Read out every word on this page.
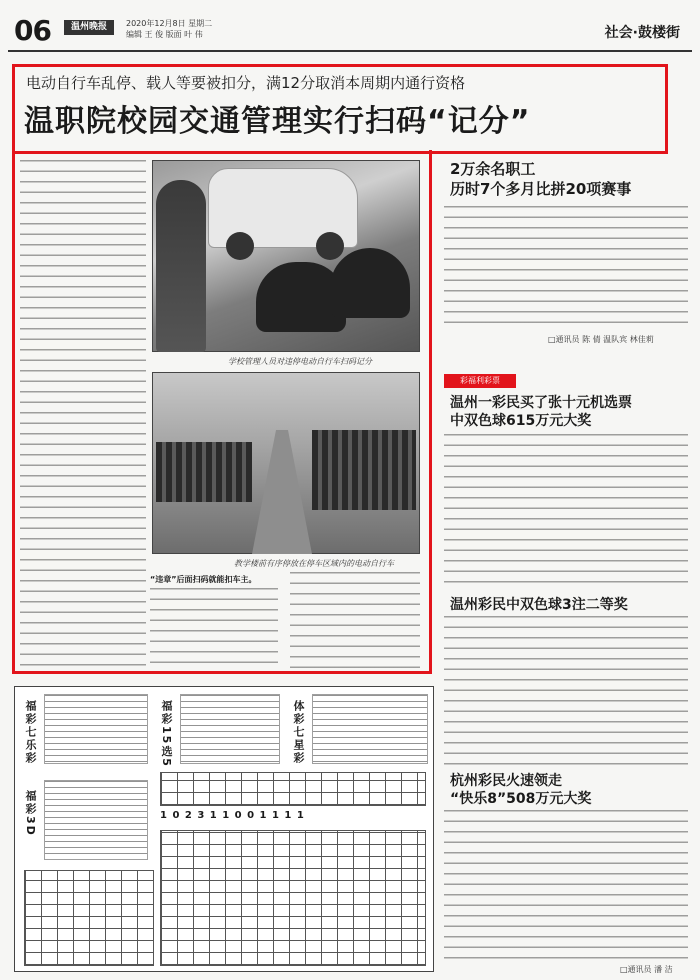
06	温州晚报	2020年12月8日 星期二
编辑 王 俊 版面 叶 伟	社会·鼓楼街
电动自行车乱停、载人等要被扣分，满12分取消本周期内通行资格
温职院校园交通管理实行扫码“记分”
学校管理人员对违停电动自行车扫码记分
教学楼前有序停放在停车区域内的电动自行车
“违章”后面扫码就能扣车主。
2万余名职工
历时7个多月比拼20项赛事
□通讯员 陈 倩 温队宾 林佳莉
彩福利彩票
温州一彩民买了张十元机选票
中双色球615万元大奖
温州彩民中双色球3注二等奖
杭州彩民火速领走
“快乐8”508万元大奖
□通讯员 潘 洁
福彩七乐彩
福彩3D
福彩15选5	体彩七星彩
1 0 2 3 1 1 0 0 1 1 1 1
